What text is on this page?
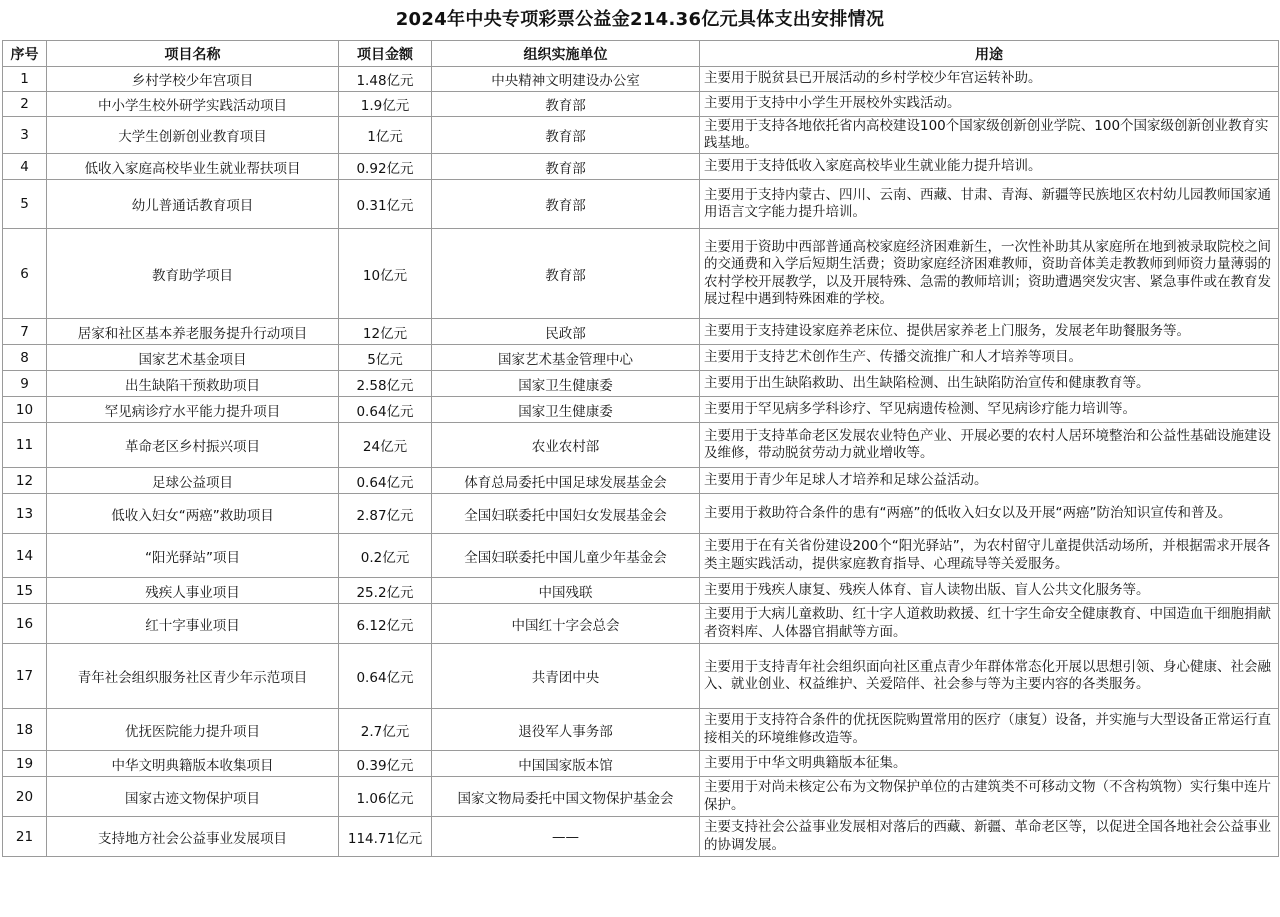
2024年中央专项彩票公益金214.36亿元具体支出安排情况
序号	项目名称	项目金额	组织实施单位	用途
1	乡村学校少年宫项目	1.48亿元	中央精神文明建设办公室	主要用于脱贫县已开展活动的乡村学校少年宫运转补助。
2	中小学生校外研学实践活动项目	1.9亿元	教育部	主要用于支持中小学生开展校外实践活动。
3	大学生创新创业教育项目	1亿元	教育部	主要用于支持各地依托省内高校建设100个国家级创新创业学院、100个国家级创新创业教育实践基地。
4	低收入家庭高校毕业生就业帮扶项目	0.92亿元	教育部	主要用于支持低收入家庭高校毕业生就业能力提升培训。
5	幼儿普通话教育项目	0.31亿元	教育部	主要用于支持内蒙古、四川、云南、西藏、甘肃、青海、新疆等民族地区农村幼儿园教师国家通用语言文字能力提升培训。
6	教育助学项目	10亿元	教育部	主要用于资助中西部普通高校家庭经济困难新生，一次性补助其从家庭所在地到被录取院校之间的交通费和入学后短期生活费；资助家庭经济困难教师，资助音体美走教教师到师资力量薄弱的农村学校开展教学，以及开展特殊、急需的教师培训；资助遭遇突发灾害、紧急事件或在教育发展过程中遇到特殊困难的学校。
7	居家和社区基本养老服务提升行动项目	12亿元	民政部	主要用于支持建设家庭养老床位、提供居家养老上门服务，发展老年助餐服务等。
8	国家艺术基金项目	5亿元	国家艺术基金管理中心	主要用于支持艺术创作生产、传播交流推广和人才培养等项目。
9	出生缺陷干预救助项目	2.58亿元	国家卫生健康委	主要用于出生缺陷救助、出生缺陷检测、出生缺陷防治宣传和健康教育等。
10	罕见病诊疗水平能力提升项目	0.64亿元	国家卫生健康委	主要用于罕见病多学科诊疗、罕见病遗传检测、罕见病诊疗能力培训等。
11	革命老区乡村振兴项目	24亿元	农业农村部	主要用于支持革命老区发展农业特色产业、开展必要的农村人居环境整治和公益性基础设施建设及维修，带动脱贫劳动力就业增收等。
12	足球公益项目	0.64亿元	体育总局委托中国足球发展基金会	主要用于青少年足球人才培养和足球公益活动。
13	低收入妇女“两癌”救助项目	2.87亿元	全国妇联委托中国妇女发展基金会	主要用于救助符合条件的患有“两癌”的低收入妇女以及开展“两癌”防治知识宣传和普及。
14	“阳光驿站”项目	0.2亿元	全国妇联委托中国儿童少年基金会	主要用于在有关省份建设200个“阳光驿站”，为农村留守儿童提供活动场所，并根据需求开展各类主题实践活动，提供家庭教育指导、心理疏导等关爱服务。
15	残疾人事业项目	25.2亿元	中国残联	主要用于残疾人康复、残疾人体育、盲人读物出版、盲人公共文化服务等。
16	红十字事业项目	6.12亿元	中国红十字会总会	主要用于大病儿童救助、红十字人道救助救援、红十字生命安全健康教育、中国造血干细胞捐献者资料库、人体器官捐献等方面。
17	青年社会组织服务社区青少年示范项目	0.64亿元	共青团中央	主要用于支持青年社会组织面向社区重点青少年群体常态化开展以思想引领、身心健康、社会融入、就业创业、权益维护、关爱陪伴、社会参与等为主要内容的各类服务。
18	优抚医院能力提升项目	2.7亿元	退役军人事务部	主要用于支持符合条件的优抚医院购置常用的医疗（康复）设备，并实施与大型设备正常运行直接相关的环境维修改造等。
19	中华文明典籍版本收集项目	0.39亿元	中国国家版本馆	主要用于中华文明典籍版本征集。
20	国家古迹文物保护项目	1.06亿元	国家文物局委托中国文物保护基金会	主要用于对尚未核定公布为文物保护单位的古建筑类不可移动文物（不含构筑物）实行集中连片保护。
21	支持地方社会公益事业发展项目	114.71亿元	——	主要支持社会公益事业发展相对落后的西藏、新疆、革命老区等，以促进全国各地社会公益事业的协调发展。
